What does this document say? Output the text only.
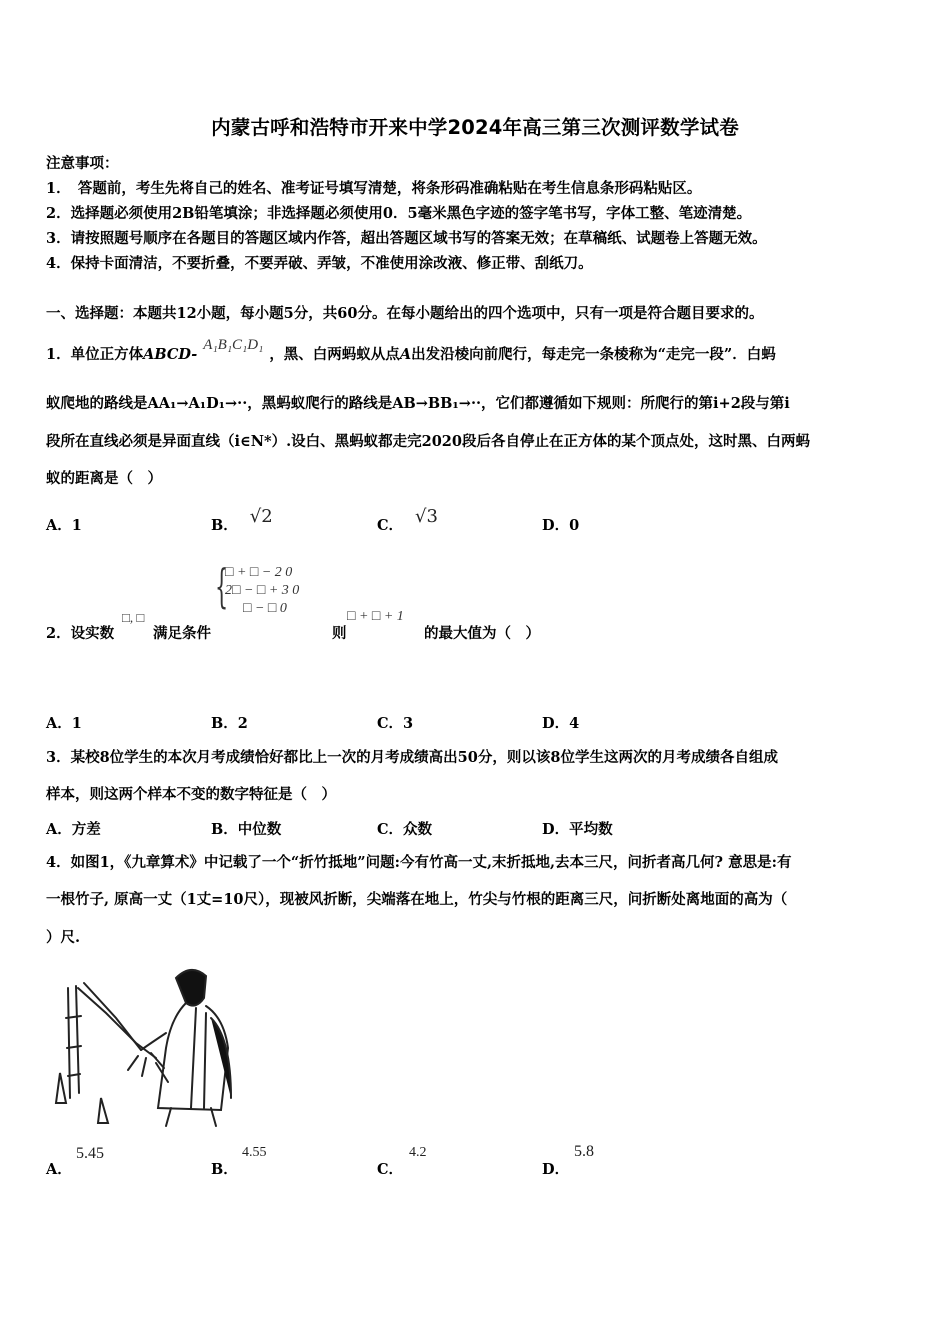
内蒙古呼和浩特市开来中学2024年高三第三次测评数学试卷
注意事项：
1．　答题前，考生先将自己的姓名、准考证号填写清楚，将条形码准确粘贴在考生信息条形码粘贴区。
2．选择题必须使用2B铅笔填涂；非选择题必须使用0．5毫米黑色字迹的签字笔书写，字体工整、笔迹清楚。
3．请按照题号顺序在各题目的答题区域内作答，超出答题区域书写的答案无效；在草稿纸、试题卷上答题无效。
4．保持卡面清洁，不要折叠，不要弄破、弄皱，不准使用涂改液、修正带、刮纸刀。
一、选择题：本题共12小题，每小题5分，共60分。在每小题给出的四个选项中，只有一项是符合题目要求的。
1．单位正方体ABCD-A₁B₁C₁D₁，黑、白两蚂蚁从点A出发沿棱向前爬行，每走完一条棱称为“走完一段”．白蚂
蚁爬地的路线是AA₁→A₁D₁→··，黑蚂蚁爬行的路线是AB→BB₁→··，它们都遵循如下规则：所爬行的第i+2段与第i
段所在直线必须是异面直线（i∈N*）.设白、黑蚂蚁都走完2020段后各自停止在正方体的某个顶点处，这时黑、白两蚂
蚁的距离是（　）
A．1	B． √2	C． √3	D．0
2．设实数
□, □
满足条件
{
□ + □ − 2 0
2□ − □ + 3 0
□ − □ 0
则
□ + □ + 1
的最大值为（　）
A．1	B．2	C．3	D．4
3．某校8位学生的本次月考成绩恰好都比上一次的月考成绩高出50分，则以该8位学生这两次的月考成绩各自组成
样本，则这两个样本不变的数字特征是（　）
A．方差	B．中位数	C．众数	D．平均数
4．如图1，《九章算术》中记载了一个“折竹抵地”问题:今有竹高一丈,末折抵地,去本三尺，问折者高几何? 意思是:有
一根竹子, 原高一丈（1丈=10尺），现被风折断，尖端落在地上，竹尖与竹根的距离三尺，问折断处离地面的高为（
）尺.
A．
5.45
B．
4.55
C．
4.2
D．
5.8
